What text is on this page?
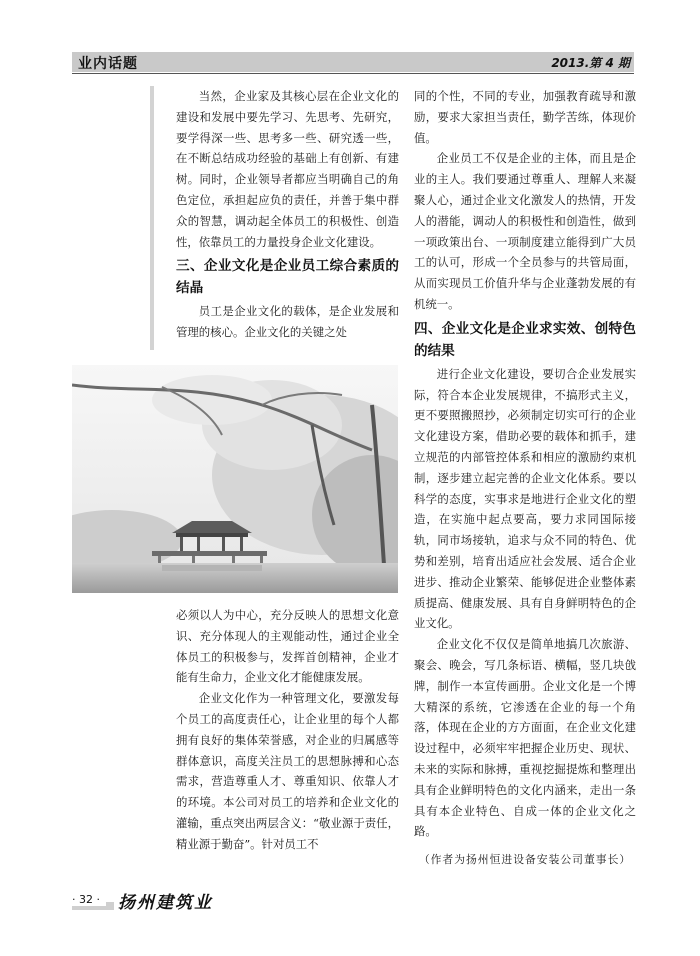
业内话题	2013.第 4 期

当然，企业家及其核心层在企业文化的建设和发展中要先学习、先思考、先研究，要学得深一些、思考多一些、研究透一些，在不断总结成功经验的基础上有创新、有建树。同时，企业领导者都应当明确自己的角色定位，承担起应负的责任，并善于集中群众的智慧，调动起全体员工的积极性、创造性，依靠员工的力量投身企业文化建设。

三、企业文化是企业员工综合素质的结晶

员工是企业文化的载体，是企业发展和管理的核心。企业文化的关键之处

必须以人为中心，充分反映人的思想文化意识、充分体现人的主观能动性，通过企业全体员工的积极参与，发挥首创精神，企业才能有生命力，企业文化才能健康发展。

企业文化作为一种管理文化，要激发每个员工的高度责任心，让企业里的每个人都拥有良好的集体荣誉感，对企业的归属感等群体意识，高度关注员工的思想脉搏和心态需求，营造尊重人才、尊重知识、依靠人才的环境。本公司对员工的培养和企业文化的灌输，重点突出两层含义：“敬业源于责任，精业源于勤奋”。针对员工不

同的个性，不同的专业，加强教育疏导和激励，要求大家担当责任，勤学苦练，体现价值。

企业员工不仅是企业的主体，而且是企业的主人。我们要通过尊重人、理解人来凝聚人心，通过企业文化激发人的热情，开发人的潜能，调动人的积极性和创造性，做到一项政策出台、一项制度建立能得到广大员工的认可，形成一个全员参与的共管局面，从而实现员工价值升华与企业蓬勃发展的有机统一。

四、企业文化是企业求实效、创特色的结果

进行企业文化建设，要切合企业发展实际，符合本企业发展规律，不搞形式主义，更不要照搬照抄，必须制定切实可行的企业文化建设方案，借助必要的载体和抓手，建立规范的内部管控体系和相应的激励约束机制，逐步建立起完善的企业文化体系。要以科学的态度，实事求是地进行企业文化的塑造，在实施中起点要高，要力求同国际接轨，同市场接轨，追求与众不同的特色、优势和差别，培育出适应社会发展、适合企业进步、推动企业繁荣、能够促进企业整体素质提高、健康发展、具有自身鲜明特色的企业文化。

企业文化不仅仅是简单地搞几次旅游、聚会、晚会，写几条标语、横幅，竖几块戗牌，制作一本宣传画册。企业文化是一个博大精深的系统，它渗透在企业的每一个角落，体现在企业的方方面面，在企业文化建设过程中，必须牢牢把握企业历史、现状、未来的实际和脉搏，重视挖掘提炼和整理出具有企业鲜明特色的文化内涵来，走出一条具有本企业特色、自成一体的企业文化之路。

（作者为扬州恒进设备安装公司董事长）
· 32 ·	扬州建筑业
